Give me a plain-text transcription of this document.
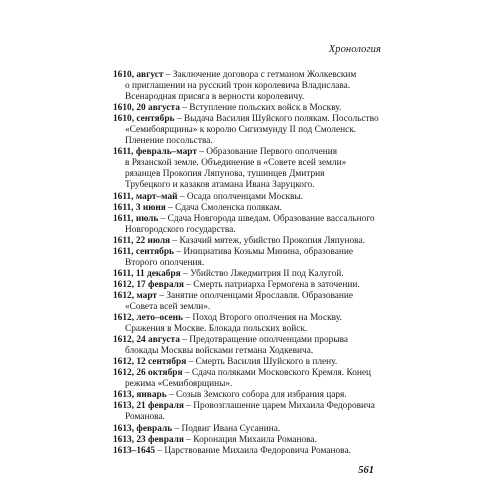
Хронология
1610, август – Заключение договора с гетманом Жолкевским
о приглашении на русский трон королевича Владислава.
Всенародная присяга в верности королевичу.
1610, 20 августа – Вступление польских войск в Москву.
1610, сентябрь – Выдача Василия Шуйского полякам. Посольство
«Семибоярщины» к королю Сигизмунду II под Смоленск.
Пленение посольства.
1611, февраль–март – Образование Первого ополчения
в Рязанской земле. Объединение в «Совете всей земли»
рязанцев Прокопия Ляпунова, тушинцев Дмитрия
Трубецкого и казаков атамана Ивана Заруцкого.
1611, март–май – Осада ополченцами Москвы.
1611, 3 июня – Сдача Смоленска полякам.
1611, июль – Сдача Новгорода шведам. Образование вассального
Новгородского государства.
1611, 22 июля – Казачий мятеж, убийство Прокопия Ляпунова.
1611, сентябрь – Инициатива Козьмы Минина, образование
Второго ополчения.
1611, 11 декабря – Убийство Лжедмитрия II под Калугой.
1612, 17 февраля – Смерть патриарха Гермогена в заточении.
1612, март – Занятие ополченцами Ярославля. Образование
«Совета всей земли».
1612, лето–осень – Поход Второго ополчения на Москву.
Сражения в Москве. Блокада польских войск.
1612, 24 августа – Предотвращение ополченцами прорыва
блокады Москвы войсками гетмана Ходкевича.
1612, 12 сентября – Смерть Василия Шуйского в плену.
1612, 26 октября – Сдача поляками Московского Кремля. Конец
режима «Семибоярщины».
1613, январь – Созыв Земского собора для избрания царя.
1613, 21 февраля – Провозглашение царем Михаила Федоровича
Романова.
1613, февраль – Подвиг Ивана Сусанина.
1613, 23 февраля – Коронация Михаила Романова.
1613–1645 – Царствование Михаила Федоровича Романова.
561
